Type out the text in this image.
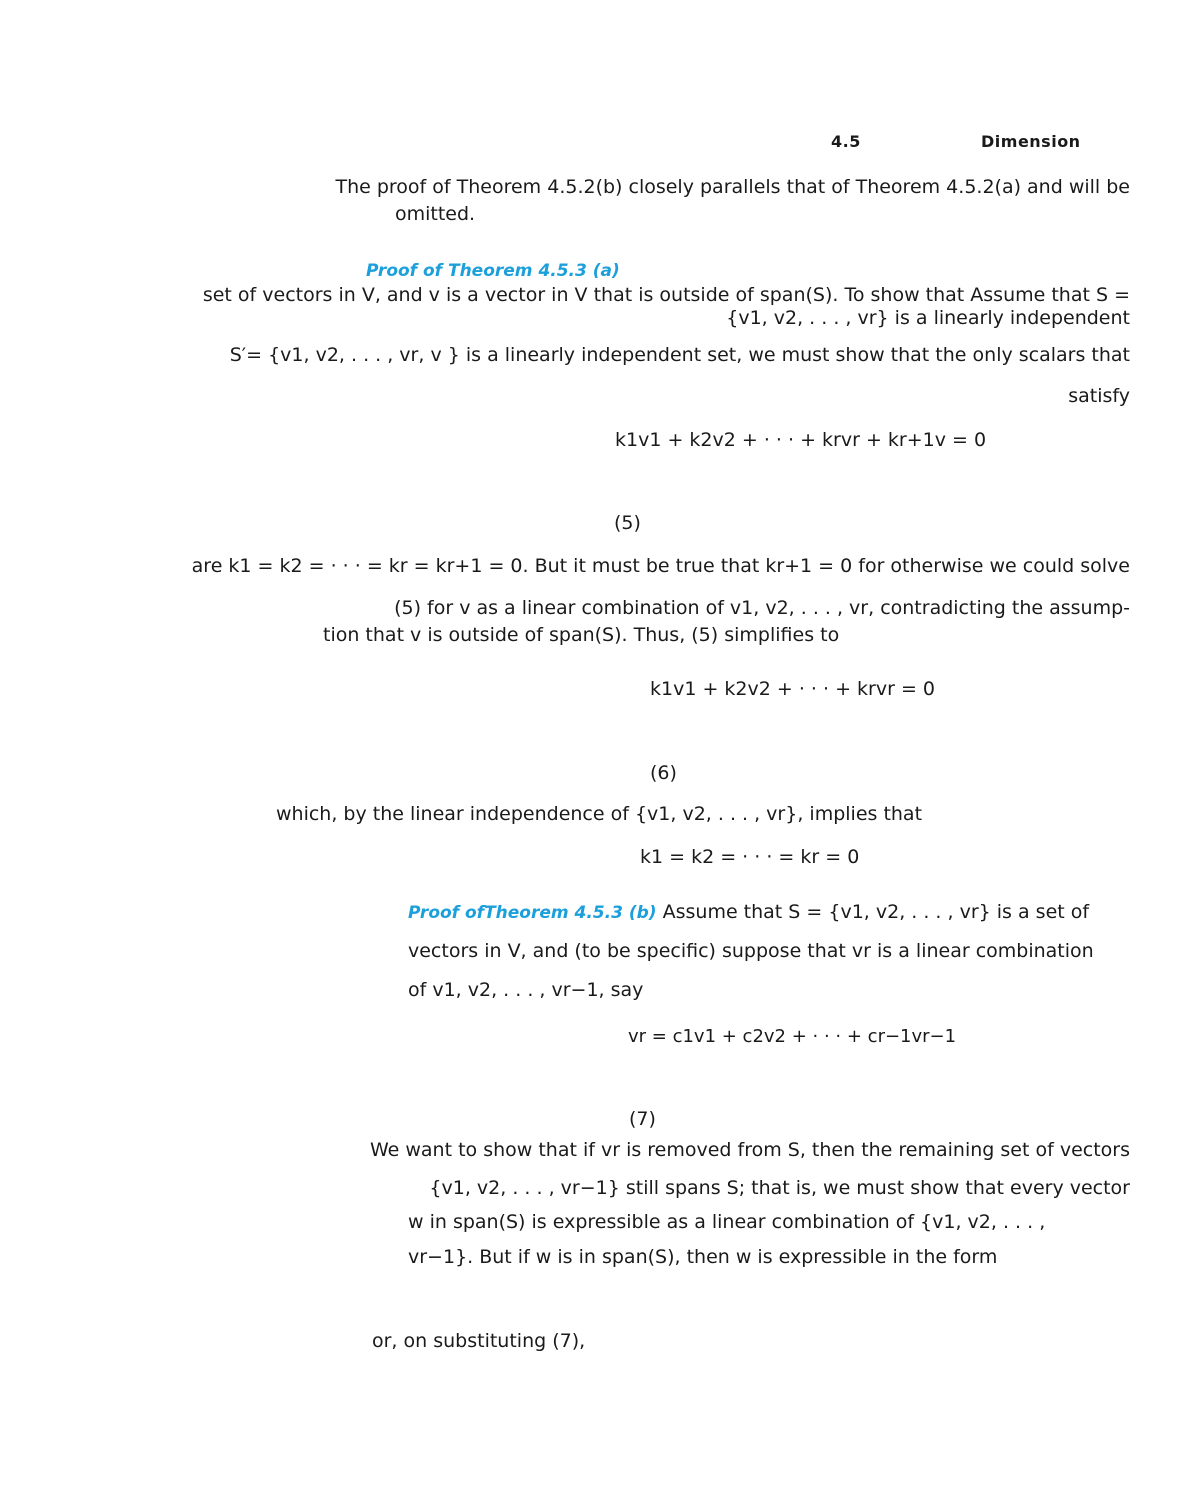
4.5	Dimension
The proof of Theorem 4.5.2(b) closely parallels that of Theorem 4.5.2(a) and will be
omitted.
Proof of Theorem 4.5.3 (a)
set of vectors in V, and v is a vector in V that is outside of span(S). To show that Assume that S =
{v1, v2, . . . , vr} is a linearly independent
S′= {v1, v2, . . . , vr, v } is a linearly independent set, we must show that the only scalars that
satisfy
k1v1 + k2v2 + · · · + krvr + kr+1v = 0
(5)
are k1 = k2 = · · · = kr = kr+1 = 0. But it must be true that kr+1 = 0 for otherwise we could solve
(5) for v as a linear combination of v1, v2, . . . , vr, contradicting the assump-
tion that v is outside of span(S). Thus, (5) simplifies to
k1v1 + k2v2 + · · · + krvr = 0
(6)
which, by the linear independence of {v1, v2, . . . , vr}, implies that
k1 = k2 = · · · = kr = 0
Proof ofTheorem 4.5.3 (b) Assume that S = {v1, v2, . . . , vr} is a set of
vectors in V, and (to be specific) suppose that vr is a linear combination
of v1, v2, . . . , vr−1, say
vr = c1v1 + c2v2 + · · · + cr−1vr−1
(7)
We want to show that if vr is removed from S, then the remaining set of vectors
{v1, v2, . . . , vr−1} still spans S; that is, we must show that every vector
w in span(S) is expressible as a linear combination of {v1, v2, . . . ,
vr−1}. But if w is in span(S), then w is expressible in the form
or, on substituting (7),
